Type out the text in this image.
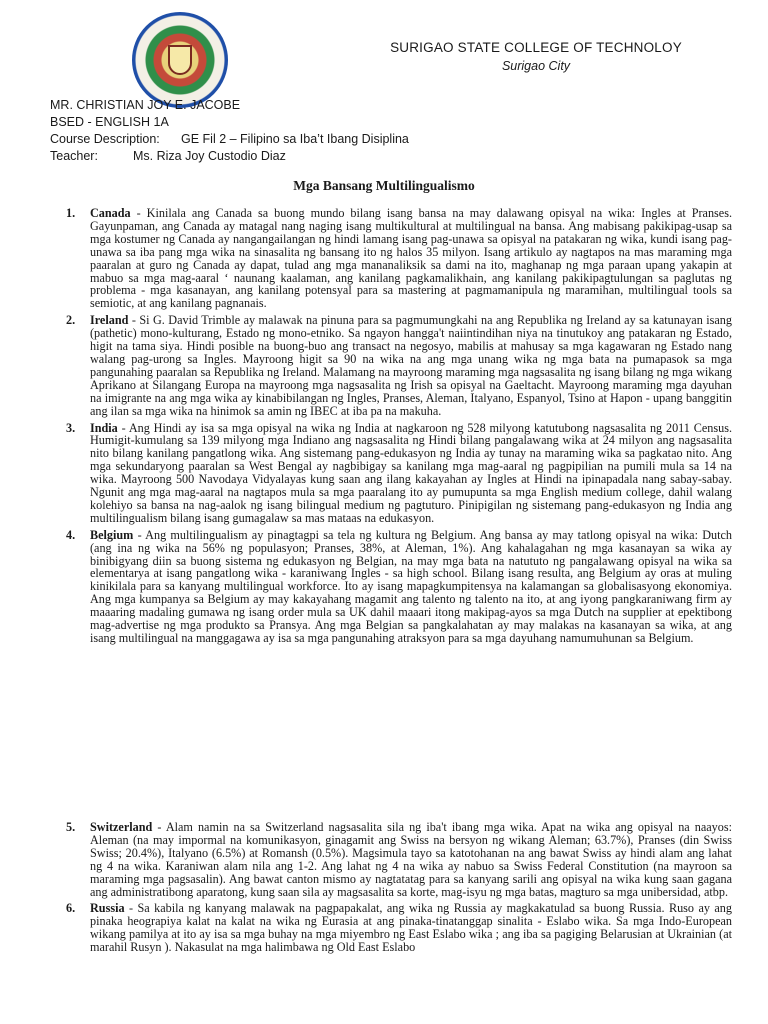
SURIGAO STATE COLLEGE OF TECHNOLOY
Surigao City
MR. CHRISTIAN JOY E. JACOBE
BSED - ENGLISH 1A
Course Description: GE Fil 2 – Filipino sa Iba’t Ibang Disiplina
Teacher:	Ms. Riza Joy Custodio Diaz
Mga Bansang Multilingualismo
1. Canada - Kinilala ang Canada sa buong mundo bilang isang bansa na may dalawang opisyal na wika: Ingles at Pranses. Gayunpaman, ang Canada ay matagal nang naging isang multikultural at multilingual na bansa. Ang mabisang pakikipag-usap sa mga kostumer ng Canada ay nangangailangan ng hindi lamang isang pag-unawa sa opisyal na patakaran ng wika, kundi isang pag-unawa sa iba pang mga wika na sinasalita ng bansang ito ng halos 35 milyon. Isang artikulo ay nagtapos na mas maraming mga paaralan at guro ng Canada ay dapat, tulad ang mga mananaliksik sa dami na ito, maghanap ng mga paraan upang yakapin at mabuo sa mga mag-aaral ‘ naunang kaalaman, ang kanilang pagkamalikhain, ang kanilang pakikipagtulungan sa paglutas ng problema - mga kasanayan, ang kanilang potensyal para sa mastering at pagmamanipula ng maramihan, multilingual tools sa semiotic, at ang kanilang pagnanais.
2. Ireland - Si G. David Trimble ay malawak na pinuna para sa pagmumungkahi na ang Republika ng Ireland ay sa katunayan isang (pathetic) mono-kulturang, Estado ng mono-etniko. Sa ngayon hangga't naiintindihan niya na tinutukoy ang patakaran ng Estado, higit na tama siya. Hindi posible na buong-buo ang transact na negosyo, mabilis at mahusay sa mga kagawaran ng Estado nang walang pag-urong sa Ingles. Mayroong higit sa 90 na wika na ang mga unang wika ng mga bata na pumapasok sa mga pangunahing paaralan sa Republika ng Ireland. Malamang na mayroong maraming mga nagsasalita ng isang bilang ng mga wikang Aprikano at Silangang Europa na mayroong mga nagsasalita ng Irish sa opisyal na Gaeltacht. Mayroong maraming mga dayuhan na imigrante na ang mga wika ay kinabibilangan ng Ingles, Pranses, Aleman, Italyano, Espanyol, Tsino at Hapon - upang banggitin ang ilan sa mga wika na hinimok sa amin ng IBEC at iba pa na makuha.
3. India - Ang Hindi ay isa sa mga opisyal na wika ng India at nagkaroon ng 528 milyong katutubong nagsasalita ng 2011 Census. Humigit-kumulang sa 139 milyong mga Indiano ang nagsasalita ng Hindi bilang pangalawang wika at 24 milyon ang nagsasalita nito bilang kanilang pangatlong wika. Ang sistemang pang-edukasyon ng India ay tunay na maraming wika sa pagkatao nito. Ang mga sekundaryong paaralan sa West Bengal ay nagbibigay sa kanilang mga mag-aaral ng pagpipilian na pumili mula sa 14 na wika. Mayroong 500 Navodaya Vidyalayas kung saan ang ilang kakayahan ay Ingles at Hindi na ipinapadala nang sabay-sabay. Ngunit ang mga mag-aaral na nagtapos mula sa mga paaralang ito ay pumupunta sa mga English medium college, dahil walang kolehiyo sa bansa na nag-aalok ng isang bilingual medium ng pagtuturo. Pinipigilan ng sistemang pang-edukasyon ng India ang multilingualism bilang isang gumagalaw sa mas mataas na edukasyon.
4. Belgium - Ang multilingualism ay pinagtagpi sa tela ng kultura ng Belgium. Ang bansa ay may tatlong opisyal na wika: Dutch (ang ina ng wika na 56% ng populasyon; Pranses, 38%, at Aleman, 1%). Ang kahalagahan ng mga kasanayan sa wika ay binibigyang diin sa buong sistema ng edukasyon ng Belgian, na may mga bata na natututo ng pangalawang opisyal na wika sa elementarya at isang pangatlong wika - karaniwang Ingles - sa high school. Bilang isang resulta, ang Belgium ay oras at muling kinikilala para sa kanyang multilingual workforce. Ito ay isang mapagkumpitensya na kalamangan sa globalisasyong ekonomiya. Ang mga kumpanya sa Belgium ay may kakayahang magamit ang talento ng talento na ito, at ang iyong pangkaraniwang firm ay maaaring madaling gumawa ng isang order mula sa UK dahil maaari itong makipag-ayos sa mga Dutch na supplier at epektibong mag-advertise ng mga produkto sa Pransya. Ang mga Belgian sa pangkalahatan ay may malakas na kasanayan sa wika, at ang isang multilingual na manggagawa ay isa sa mga pangunahing atraksyon para sa mga dayuhang namumuhunan sa Belgium.
5. Switzerland - Alam namin na sa Switzerland nagsasalita sila ng iba't ibang mga wika. Apat na wika ang opisyal na naayos: Aleman (na may impormal na komunikasyon, ginagamit ang Swiss na bersyon ng wikang Aleman; 63.7%), Pranses (din Swiss Swiss; 20.4%), Italyano (6.5%) at Romansh (0.5%). Magsimula tayo sa katotohanan na ang bawat Swiss ay hindi alam ang lahat ng 4 na wika. Karaniwan alam nila ang 1-2. Ang lahat ng 4 na wika ay nabuo sa Swiss Federal Constitution (na mayroon sa maraming mga pagsasalin). Ang bawat canton mismo ay nagtatatag para sa kanyang sarili ang opisyal na wika kung saan gagana ang administratibong aparatong, kung saan sila ay magsasalita sa korte, mag-isyu ng mga batas, magturo sa mga unibersidad, atbp.
6. Russia - Sa kabila ng kanyang malawak na pagpapakalat, ang wika ng Russia ay magkakatulad sa buong Russia. Ruso ay ang pinaka heograpiya kalat na kalat na wika ng Eurasia at ang pinaka-tinatanggap sinalita - Eslabo wika. Sa mga Indo-European wikang pamilya at ito ay isa sa mga buhay na mga miyembro ng East Eslabo wika ; ang iba sa pagiging Belarusian at Ukrainian (at marahil Rusyn ). Nakasulat na mga halimbawa ng Old East Eslabo
